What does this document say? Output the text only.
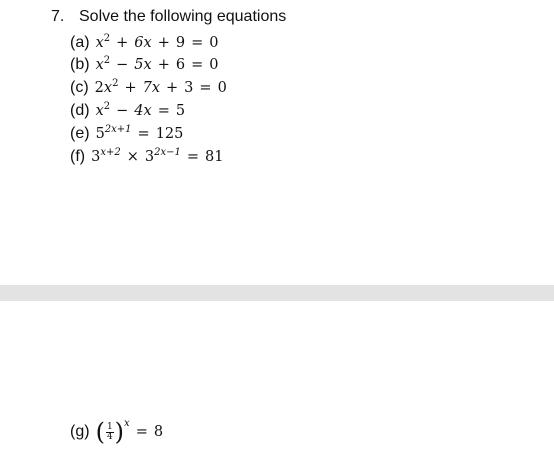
7. Solve the following equations
(a) $x^2 + 6x + 9 = 0$
(b) $x^2 - 5x + 6 = 0$
(c) $2x^2 + 7x + 3 = 0$
(d) $x^2 - 4x = 5$
(e) $5^{2x+1} = 125$
(f) $3^{x+2} \times 3^{2x-1} = 81$
(g) ( $\frac{1}{4} )^x= 8$
